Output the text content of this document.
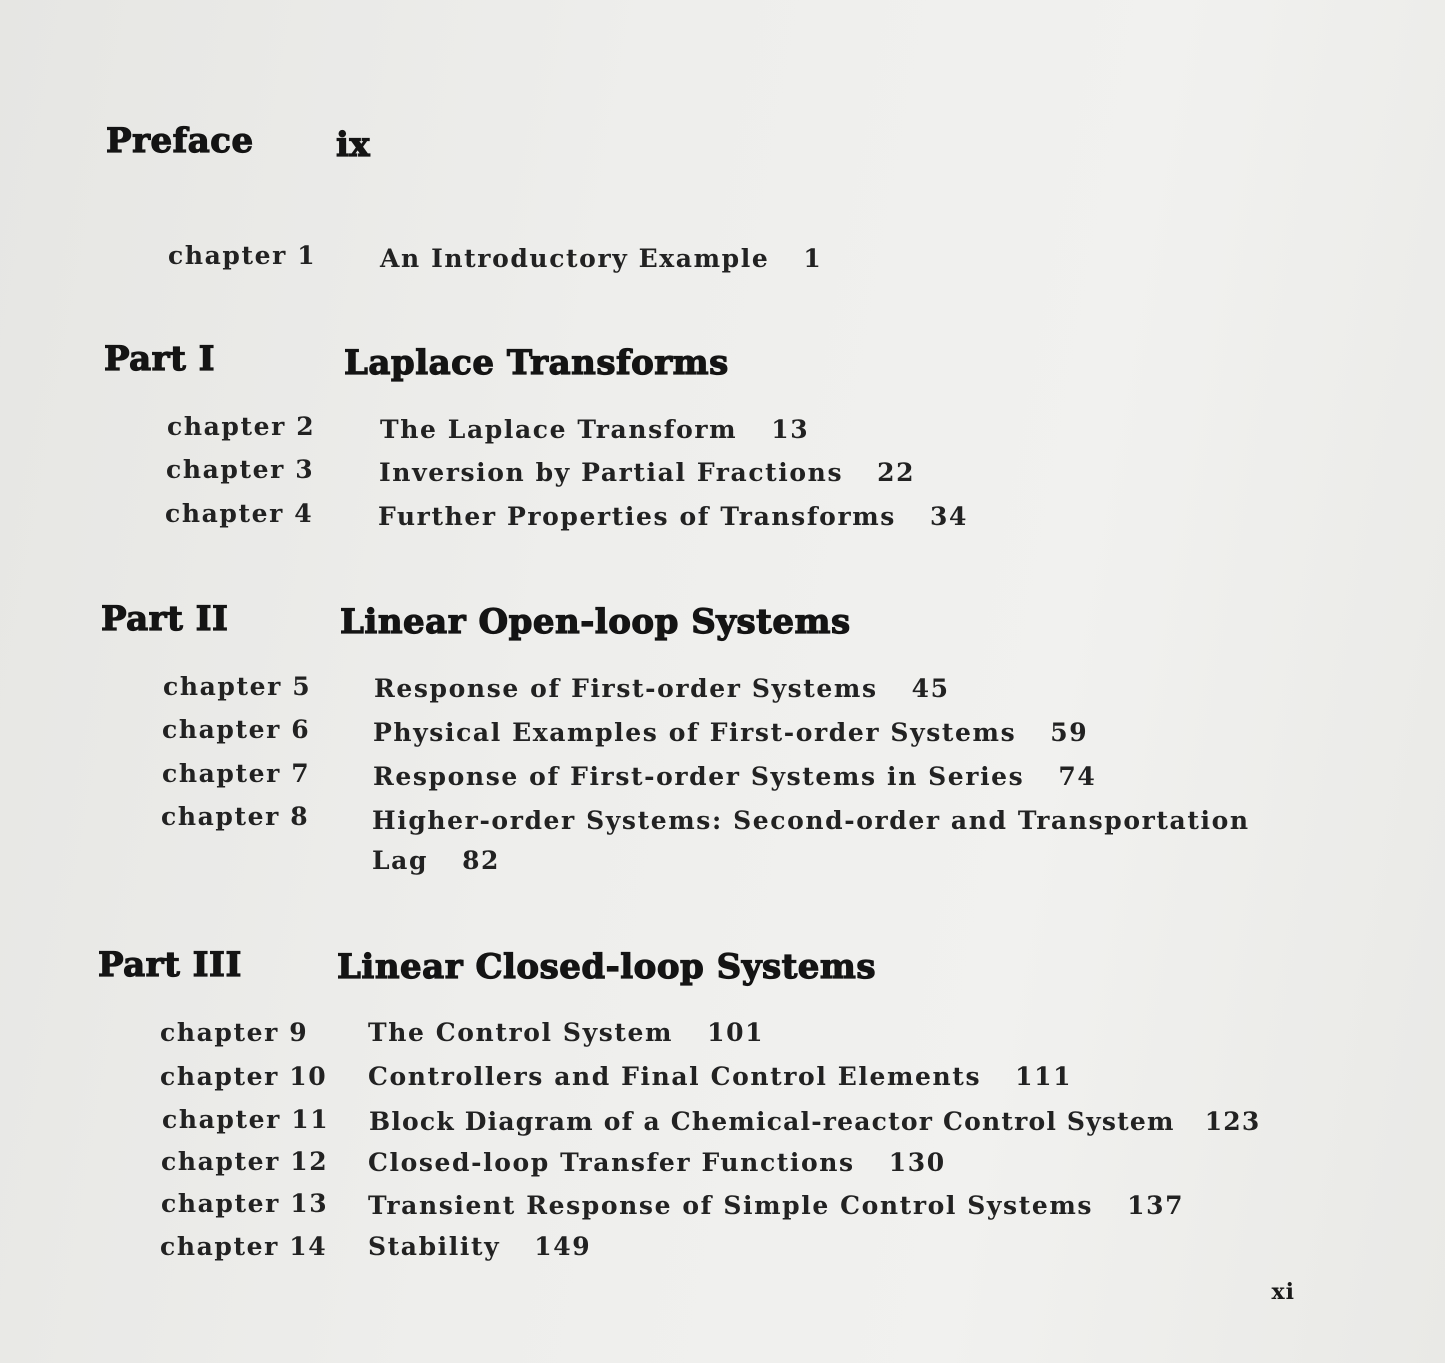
Preface ix
chapter 1	An Introductory Example 1
Part I	Laplace Transforms
chapter 2	The Laplace Transform 13
chapter 3	Inversion by Partial Fractions 22
chapter 4	Further Properties of Transforms 34
Part II	Linear Open-loop Systems
chapter 5	Response of First-order Systems 45
chapter 6	Physical Examples of First-order Systems 59
chapter 7	Response of First-order Systems in Series 74
chapter 8	Higher-order Systems: Second-order and Transportation
Lag 82
Part III	Linear Closed-loop Systems
chapter 9 The Control System 101
chapter 10 Controllers and Final Control Elements 111
chapter 11 Block Diagram of a Chemical-reactor Control System 123
chapter 12 Closed-loop Transfer Functions 130
chapter 13 Transient Response of Simple Control Systems 137
chapter 14 Stability 149
xi
